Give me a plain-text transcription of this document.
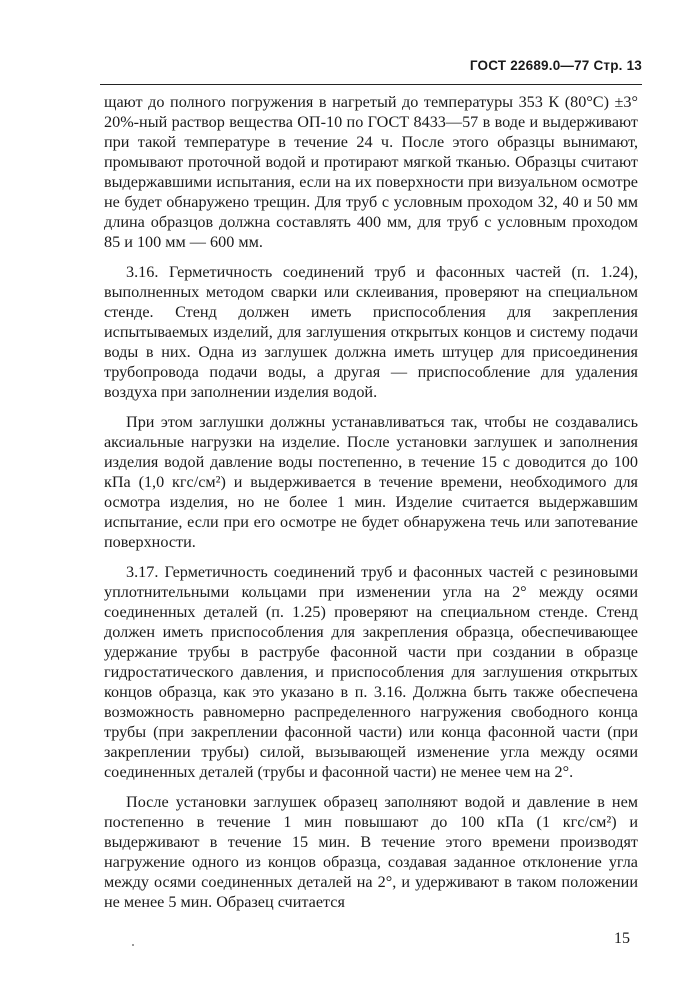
ГОСТ 22689.0—77 Стр. 13

щают до полного погружения в нагретый до температуры 353 К (80°С) ±3° 20%-ный раствор вещества ОП-10 по ГОСТ 8433—57 в воде и выдерживают при такой температуре в течение 24 ч. После этого образцы вынимают, промывают проточной водой и протирают мягкой тканью. Образцы считают выдержавшими испытания, если на их поверхности при визуальном осмотре не будет обнаружено трещин. Для труб с условным проходом 32, 40 и 50 мм длина образцов должна составлять 400 мм, для труб с условным проходом 85 и 100 мм — 600 мм.

3.16. Герметичность соединений труб и фасонных частей (п. 1.24), выполненных методом сварки или склеивания, проверяют на специальном стенде. Стенд должен иметь приспособления для закрепления испытываемых изделий, для заглушения открытых концов и систему подачи воды в них. Одна из заглушек должна иметь штуцер для присоединения трубопровода подачи воды, а другая — приспособление для удаления воздуха при заполнении изделия водой.

При этом заглушки должны устанавливаться так, чтобы не создавались аксиальные нагрузки на изделие. После установки заглушек и заполнения изделия водой давление воды постепенно, в течение 15 с доводится до 100 кПа (1,0 кгс/см²) и выдерживается в течение времени, необходимого для осмотра изделия, но не более 1 мин. Изделие считается выдержавшим испытание, если при его осмотре не будет обнаружена течь или запотевание поверхности.

3.17. Герметичность соединений труб и фасонных частей с резиновыми уплотнительными кольцами при изменении угла на 2° между осями соединенных деталей (п. 1.25) проверяют на специальном стенде. Стенд должен иметь приспособления для закрепления образца, обеспечивающее удержание трубы в раструбе фасонной части при создании в образце гидростатического давления, и приспособления для заглушения открытых концов образца, как это указано в п. 3.16. Должна быть также обеспечена возможность равномерно распределенного нагружения свободного конца трубы (при закреплении фасонной части) или конца фасонной части (при закреплении трубы) силой, вызывающей изменение угла между осями соединенных деталей (трубы и фасонной части) не менее чем на 2°.

После установки заглушек образец заполняют водой и давление в нем постепенно в течение 1 мин повышают до 100 кПа (1 кгс/см²) и выдерживают в течение 15 мин. В течение этого времени производят нагружение одного из концов образца, создавая заданное отклонение угла между осями соединенных деталей на 2°, и удерживают в таком положении не менее 5 мин. Образец считается

15
